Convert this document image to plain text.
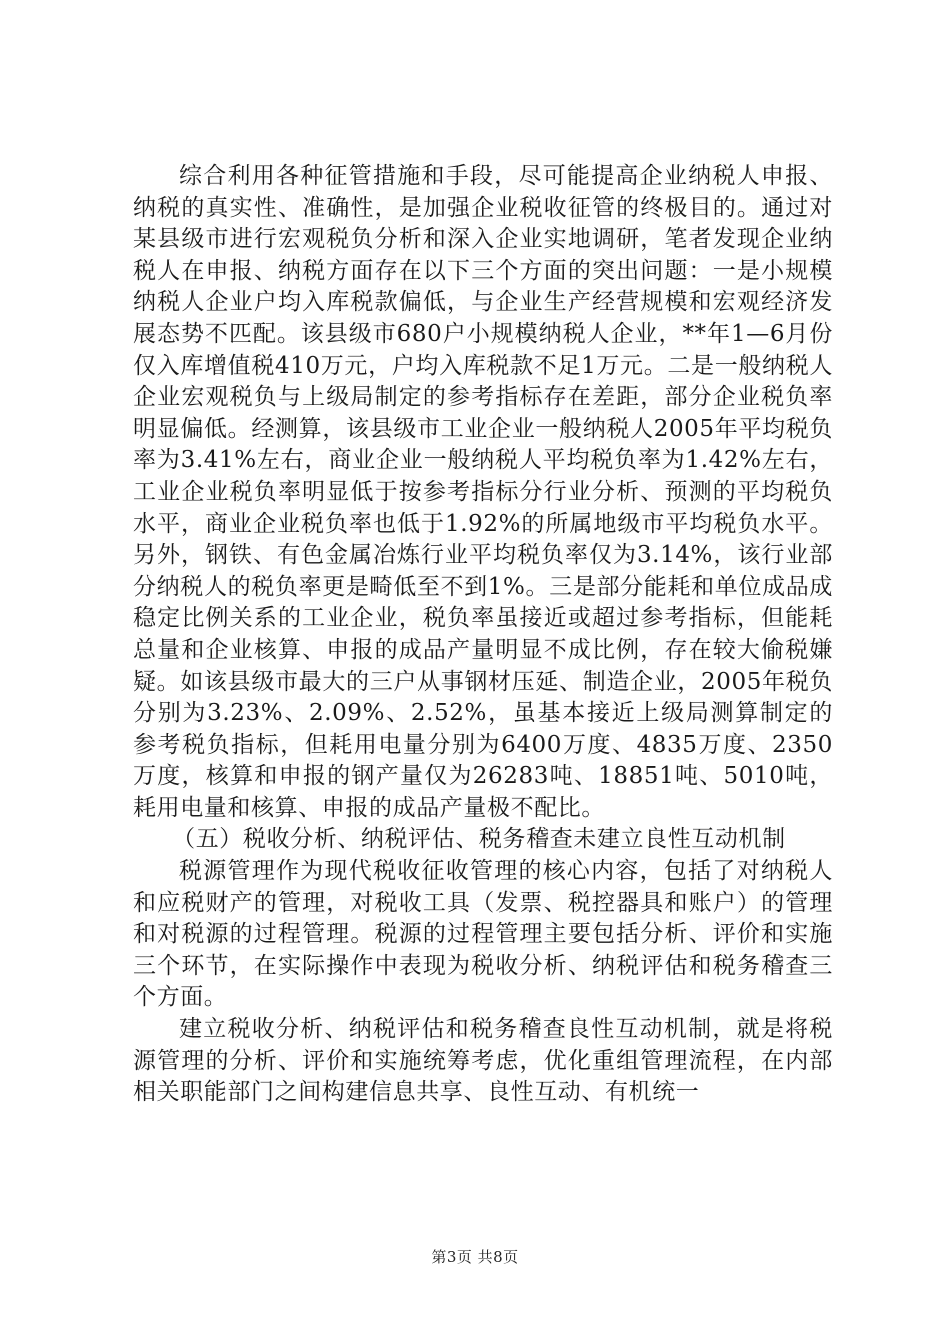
综合利用各种征管措施和手段，尽可能提高企业纳税人申报、纳税的真实性、准确性，是加强企业税收征管的终极目的。通过对某县级市进行宏观税负分析和深入企业实地调研，笔者发现企业纳税人在申报、纳税方面存在以下三个方面的突出问题：一是小规模纳税人企业户均入库税款偏低，与企业生产经营规模和宏观经济发展态势不匹配。该县级市680户小规模纳税人企业，**年1—6月份仅入库增值税410万元，户均入库税款不足1万元。二是一般纳税人企业宏观税负与上级局制定的参考指标存在差距，部分企业税负率明显偏低。经测算，该县级市工业企业一般纳税人2005年平均税负率为3.41%左右，商业企业一般纳税人平均税负率为1.42%左右，工业企业税负率明显低于按参考指标分行业分析、预测的平均税负水平，商业企业税负率也低于1.92%的所属地级市平均税负水平。另外，钢铁、有色金属冶炼行业平均税负率仅为3.14%，该行业部分纳税人的税负率更是畸低至不到1%。三是部分能耗和单位成品成稳定比例关系的工业企业，税负率虽接近或超过参考指标，但能耗总量和企业核算、申报的成品产量明显不成比例，存在较大偷税嫌疑。如该县级市最大的三户从事钢材压延、制造企业，2005年税负分别为3.23%、2.09%、2.52%，虽基本接近上级局测算制定的参考税负指标，但耗用电量分别为6400万度、4835万度、2350万度，核算和申报的钢产量仅为26283吨、18851吨、5010吨，耗用电量和核算、申报的成品产量极不配比。

（五）税收分析、纳税评估、税务稽查未建立良性互动机制

税源管理作为现代税收征收管理的核心内容，包括了对纳税人和应税财产的管理，对税收工具（发票、税控器具和账户）的管理和对税源的过程管理。税源的过程管理主要包括分析、评价和实施三个环节，在实际操作中表现为税收分析、纳税评估和税务稽查三个方面。

建立税收分析、纳税评估和税务稽查良性互动机制，就是将税源管理的分析、评价和实施统筹考虑，优化重组管理流程，在内部相关职能部门之间构建信息共享、良性互动、有机统一

第3页 共8页
